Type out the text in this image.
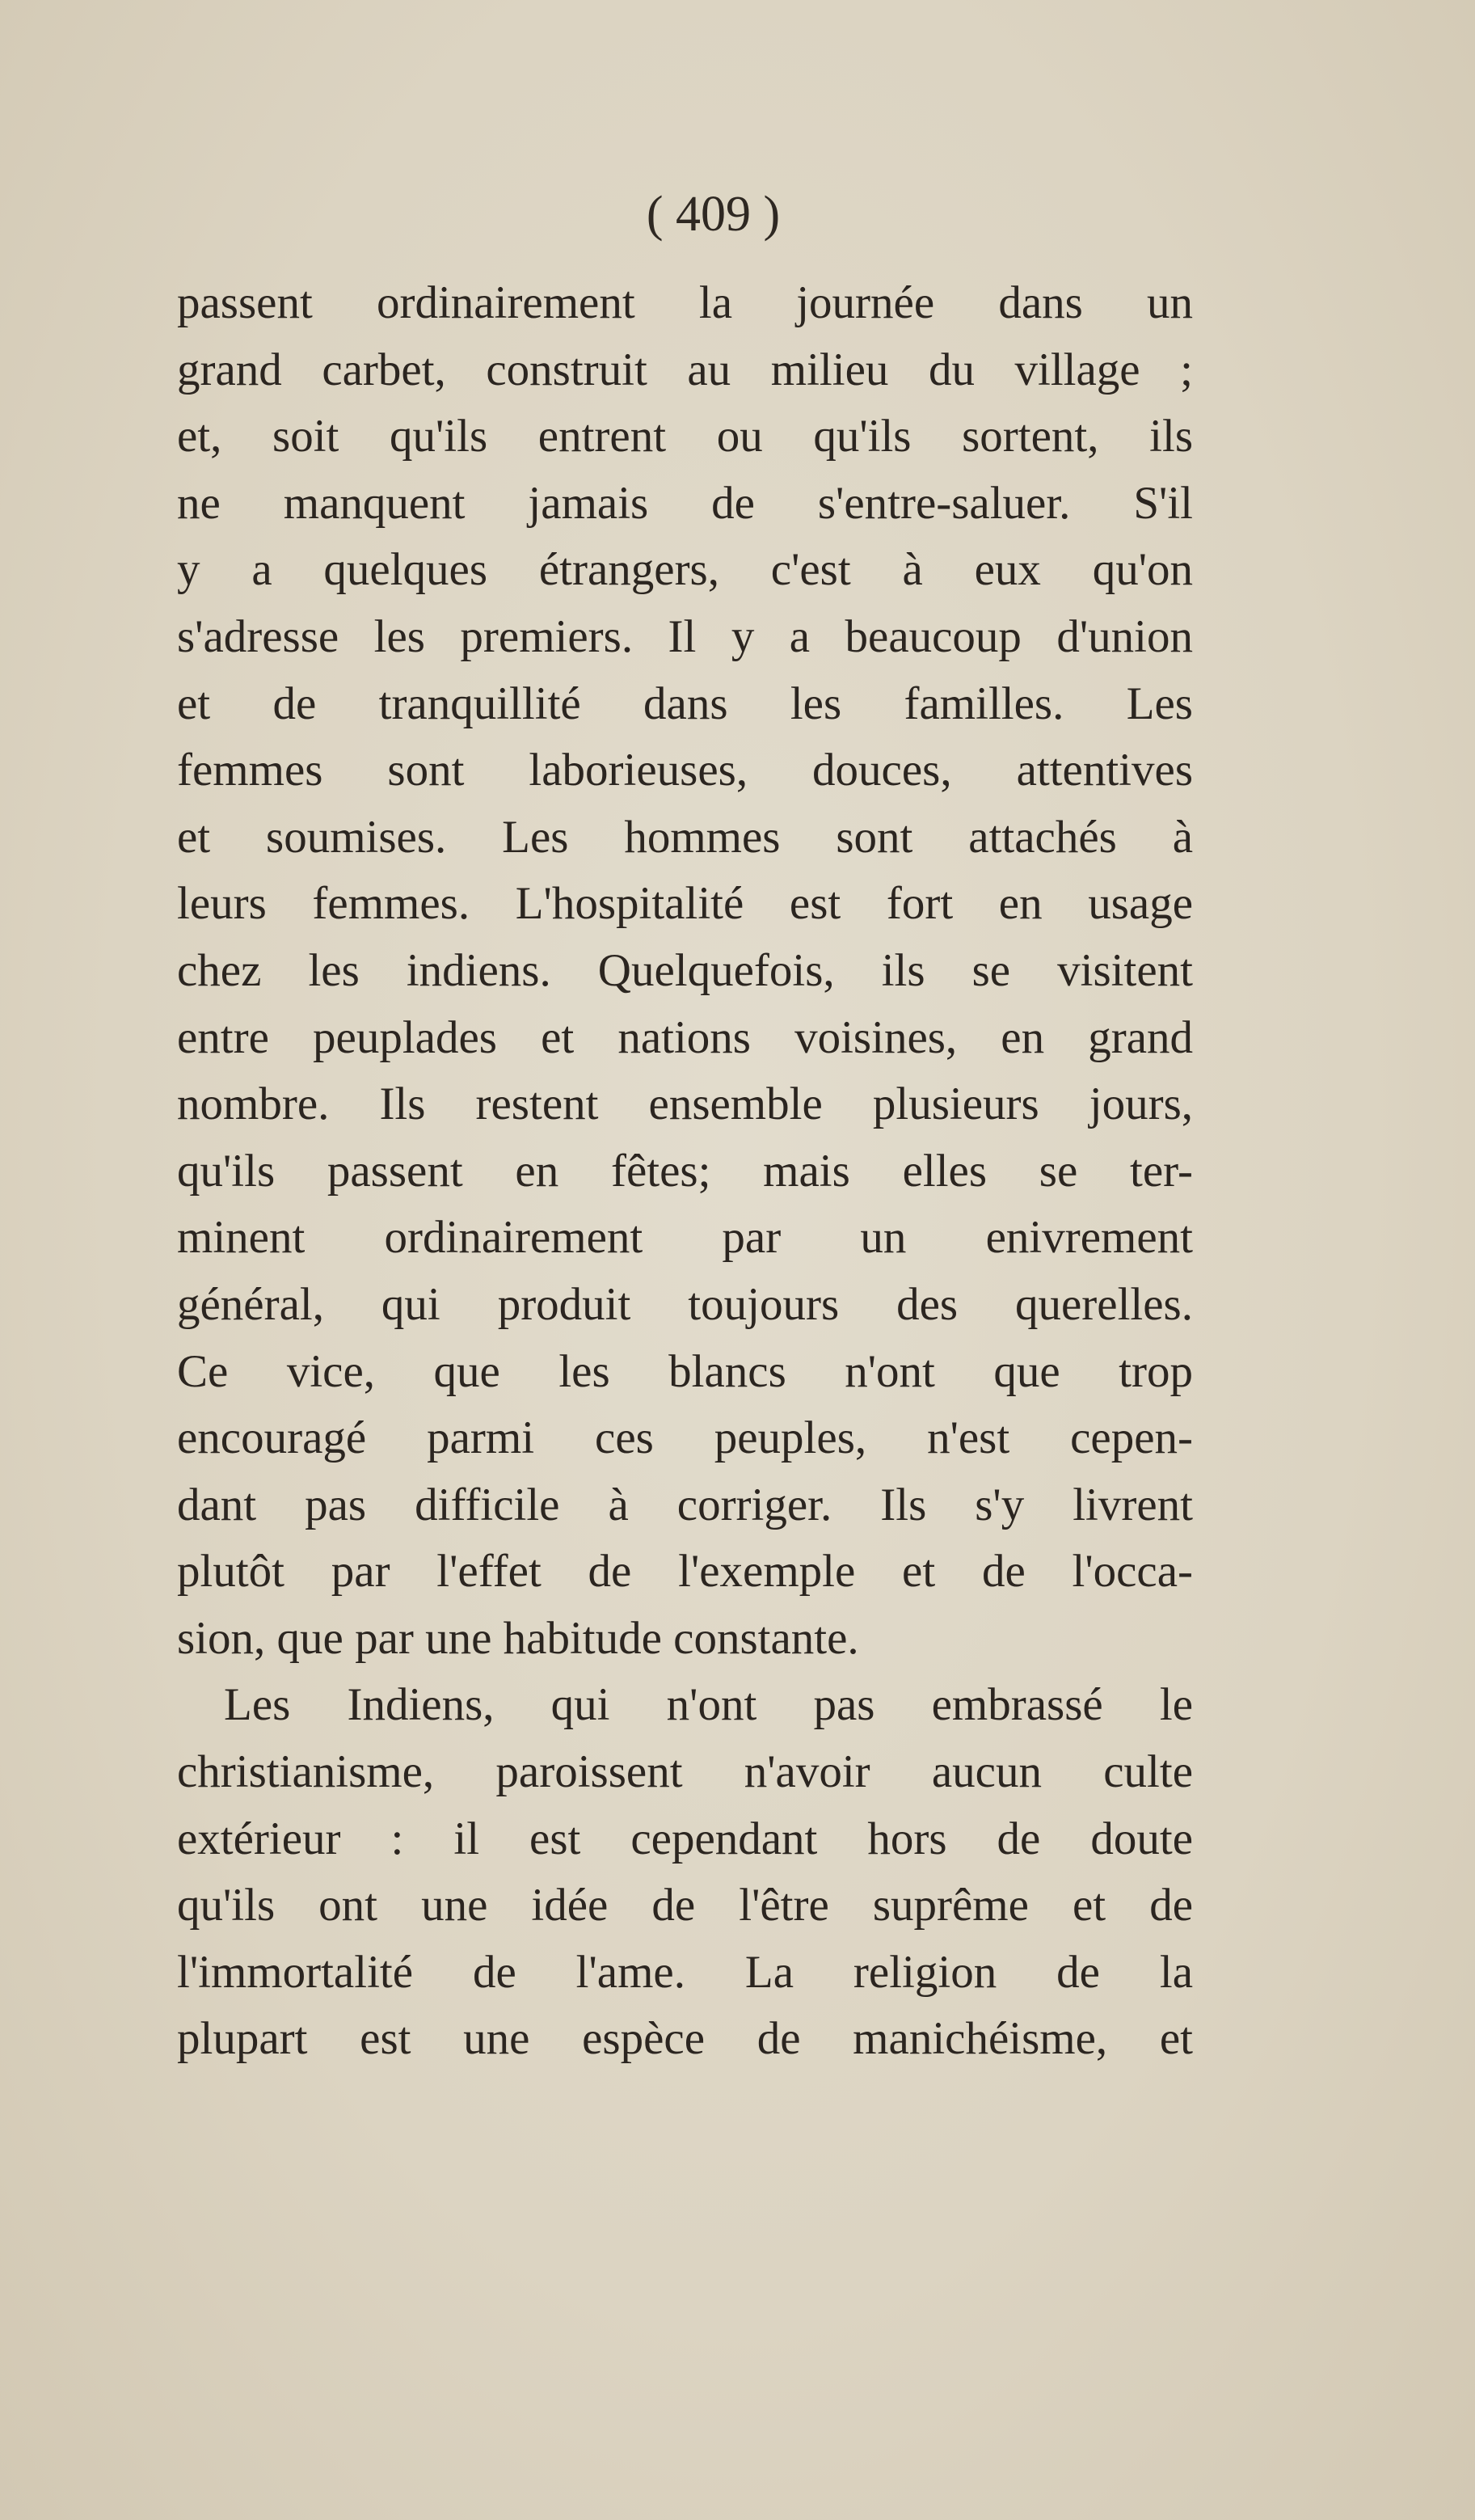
( 409 )
passent ordinairement la journée dans un
grand carbet, construit au milieu du village ;
et, soit qu'ils entrent ou qu'ils sortent, ils
ne manquent jamais de s'entre-saluer. S'il
y a quelques étrangers, c'est à eux qu'on
s'adresse les premiers. Il y a beaucoup d'union
et de tranquillité dans les familles. Les
femmes sont laborieuses, douces, attentives
et soumises. Les hommes sont attachés à
leurs femmes. L'hospitalité est fort en usage
chez les indiens. Quelquefois, ils se visitent
entre peuplades et nations voisines, en grand
nombre. Ils restent ensemble plusieurs jours,
qu'ils passent en fêtes; mais elles se ter-
minent ordinairement par un enivrement
général, qui produit toujours des querelles.
Ce vice, que les blancs n'ont que trop
encouragé parmi ces peuples, n'est cepen-
dant pas difficile à corriger. Ils s'y livrent
plutôt par l'effet de l'exemple et de l'occa-
sion, que par une habitude constante.
Les Indiens, qui n'ont pas embrassé le
christianisme, paroissent n'avoir aucun culte
extérieur : il est cependant hors de doute
qu'ils ont une idée de l'être suprême et de
l'immortalité de l'ame. La religion de la
plupart est une espèce de manichéisme, et
